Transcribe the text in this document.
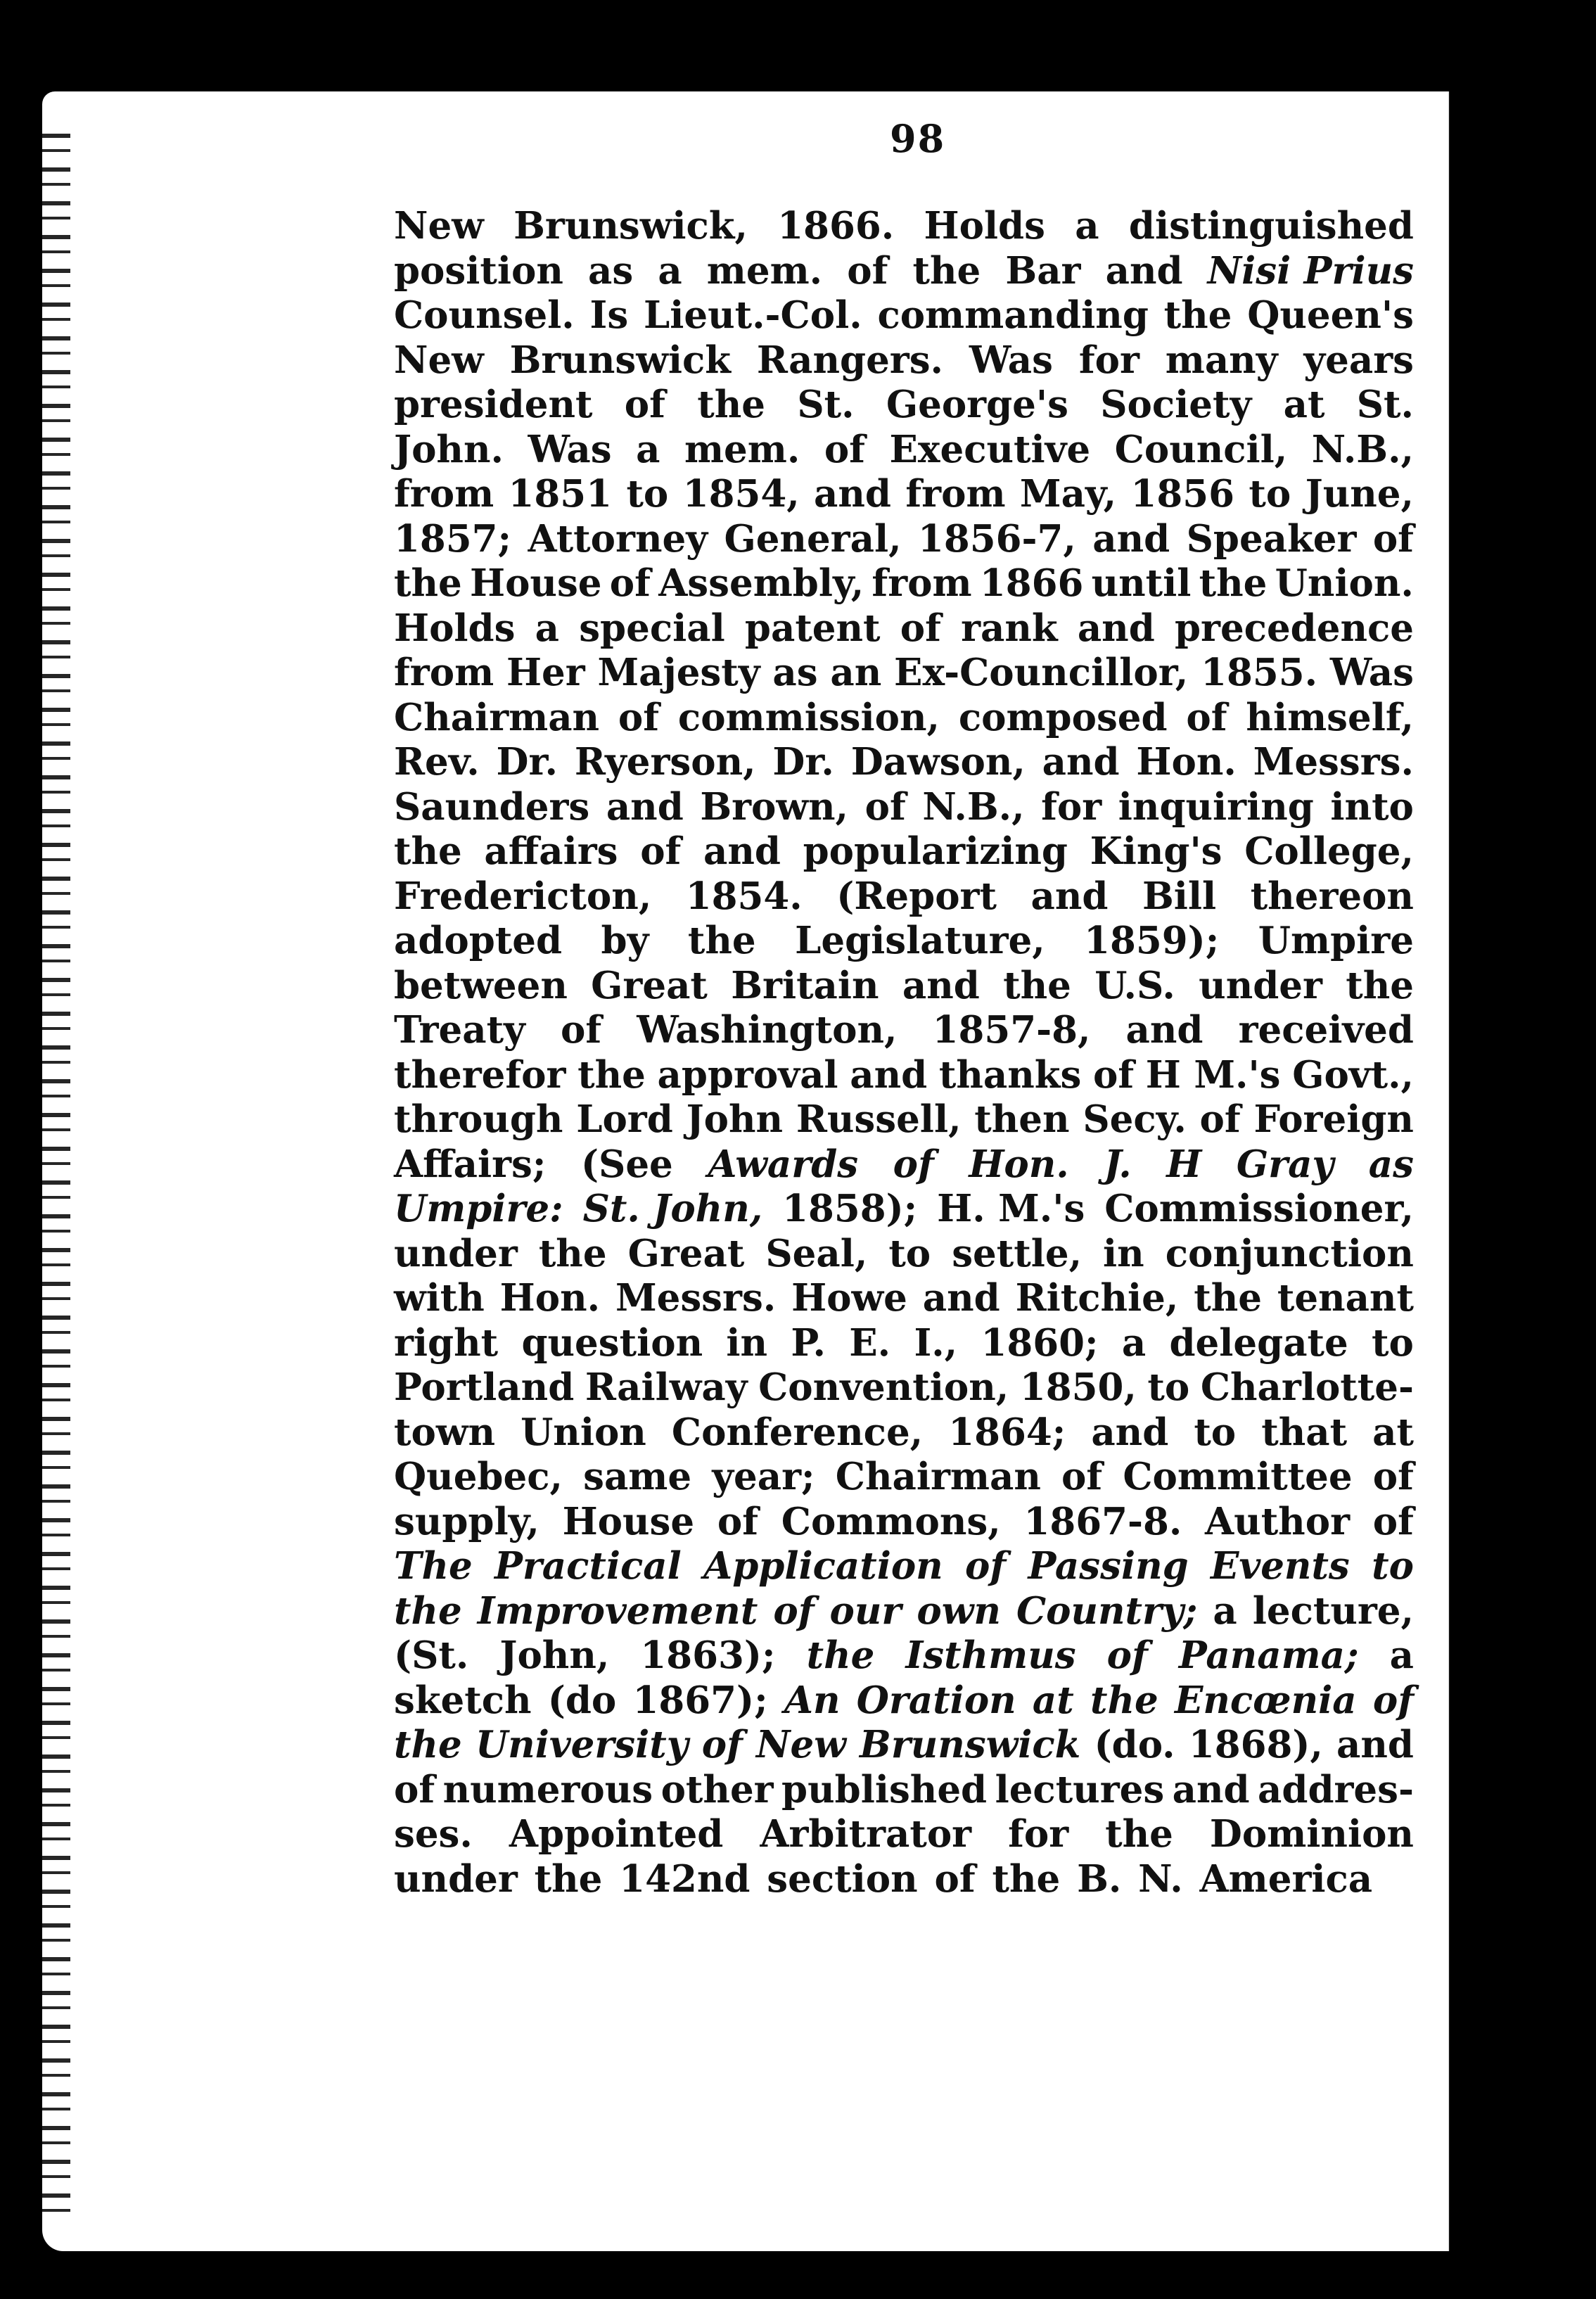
98
New Brunswick, 1866. Holds a distinguished
position as a mem. of the Bar and Nisi Prius
Counsel. Is Lieut.-Col. commanding the Queen's
New Brunswick Rangers. Was for many years
president of the St. George's Society at St.
John. Was a mem. of Executive Council, N.B.,
from 1851 to 1854, and from May, 1856 to June,
1857; Attorney General, 1856-7, and Speaker of
the House of Assembly, from 1866 until the Union.
Holds a special patent of rank and precedence
from Her Majesty as an Ex-Councillor, 1855. Was
Chairman of commission, composed of himself,
Rev. Dr. Ryerson, Dr. Dawson, and Hon. Messrs.
Saunders and Brown, of N.B., for inquiring into
the affairs of and popularizing King's College,
Fredericton, 1854. (Report and Bill thereon
adopted by the Legislature, 1859); Umpire
between Great Britain and the U.S. under the
Treaty of Washington, 1857-8, and received
therefor the approval and thanks of H M.'s Govt.,
through Lord John Russell, then Secy. of Foreign
Affairs; (See Awards of Hon. J. H Gray as
Umpire: St. John, 1858); H. M.'s Commissioner,
under the Great Seal, to settle, in conjunction
with Hon. Messrs. Howe and Ritchie, the tenant
right question in P. E. I., 1860; a delegate to
Portland Railway Convention, 1850, to Charlotte-
town Union Conference, 1864; and to that at
Quebec, same year; Chairman of Committee of
supply, House of Commons, 1867-8. Author of
The Practical Application of Passing Events to
the Improvement of our own Country; a lecture,
(St. John, 1863); the Isthmus of Panama; a
sketch (do 1867); An Oration at the Encœnia of
the University of New Brunswick (do. 1868), and
of numerous other published lectures and addres-
ses. Appointed Arbitrator for the Dominion
under the 142nd section of the B. N. America
